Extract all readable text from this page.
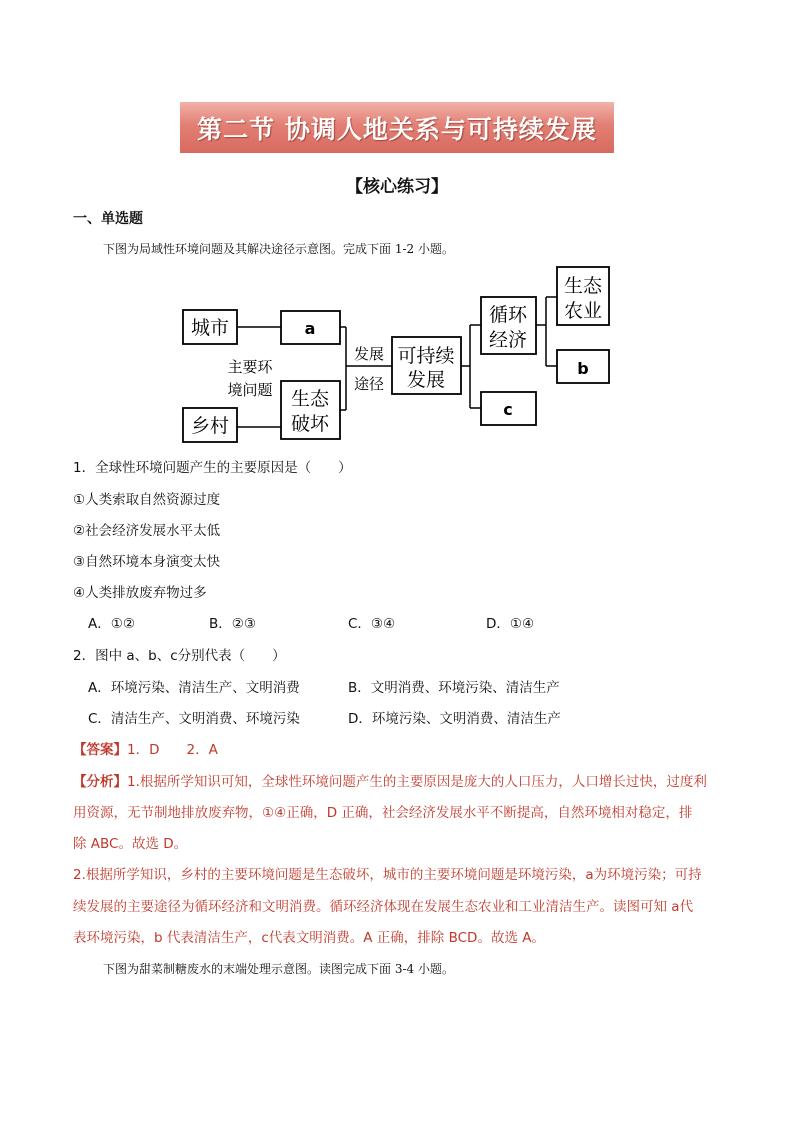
第二节 协调人地关系与可持续发展
【核心练习】
一、单选题
下图为局域性环境问题及其解决途径示意图。完成下面 1-2 小题。
城市	a
乡村
生态
破坏
可持续
发展
循环
经济
生态
农业
b
c
主要环
境问题
发展
途径
1．全球性环境问题产生的主要原因是（　　）
①人类索取自然资源过度
②社会经济发展水平太低
③自然环境本身演变太快
④人类排放废弃物过多
A．①②	B．②③	C．③④	D．①④
2．图中 a、b、c分别代表（　　）
A．环境污染、清洁生产、文明消费	B．文明消费、环境污染、清洁生产
C．清洁生产、文明消费、环境污染	D．环境污染、文明消费、清洁生产
【答案】1．D　　2．A
【分析】1.根据所学知识可知，全球性环境问题产生的主要原因是庞大的人口压力，人口增长过快，过度利
用资源，无节制地排放废弃物，①④正确，D 正确，社会经济发展水平不断提高，自然环境相对稳定，排
除 ABC。故选 D。
2.根据所学知识，乡村的主要环境问题是生态破坏，城市的主要环境问题是环境污染，a为环境污染；可持
续发展的主要途径为循环经济和文明消费。循环经济体现在发展生态农业和工业清洁生产。读图可知 a代
表环境污染，b 代表清洁生产，c代表文明消费。A 正确，排除 BCD。故选 A。
下图为甜菜制糖废水的末端处理示意图。读图完成下面 3-4 小题。
